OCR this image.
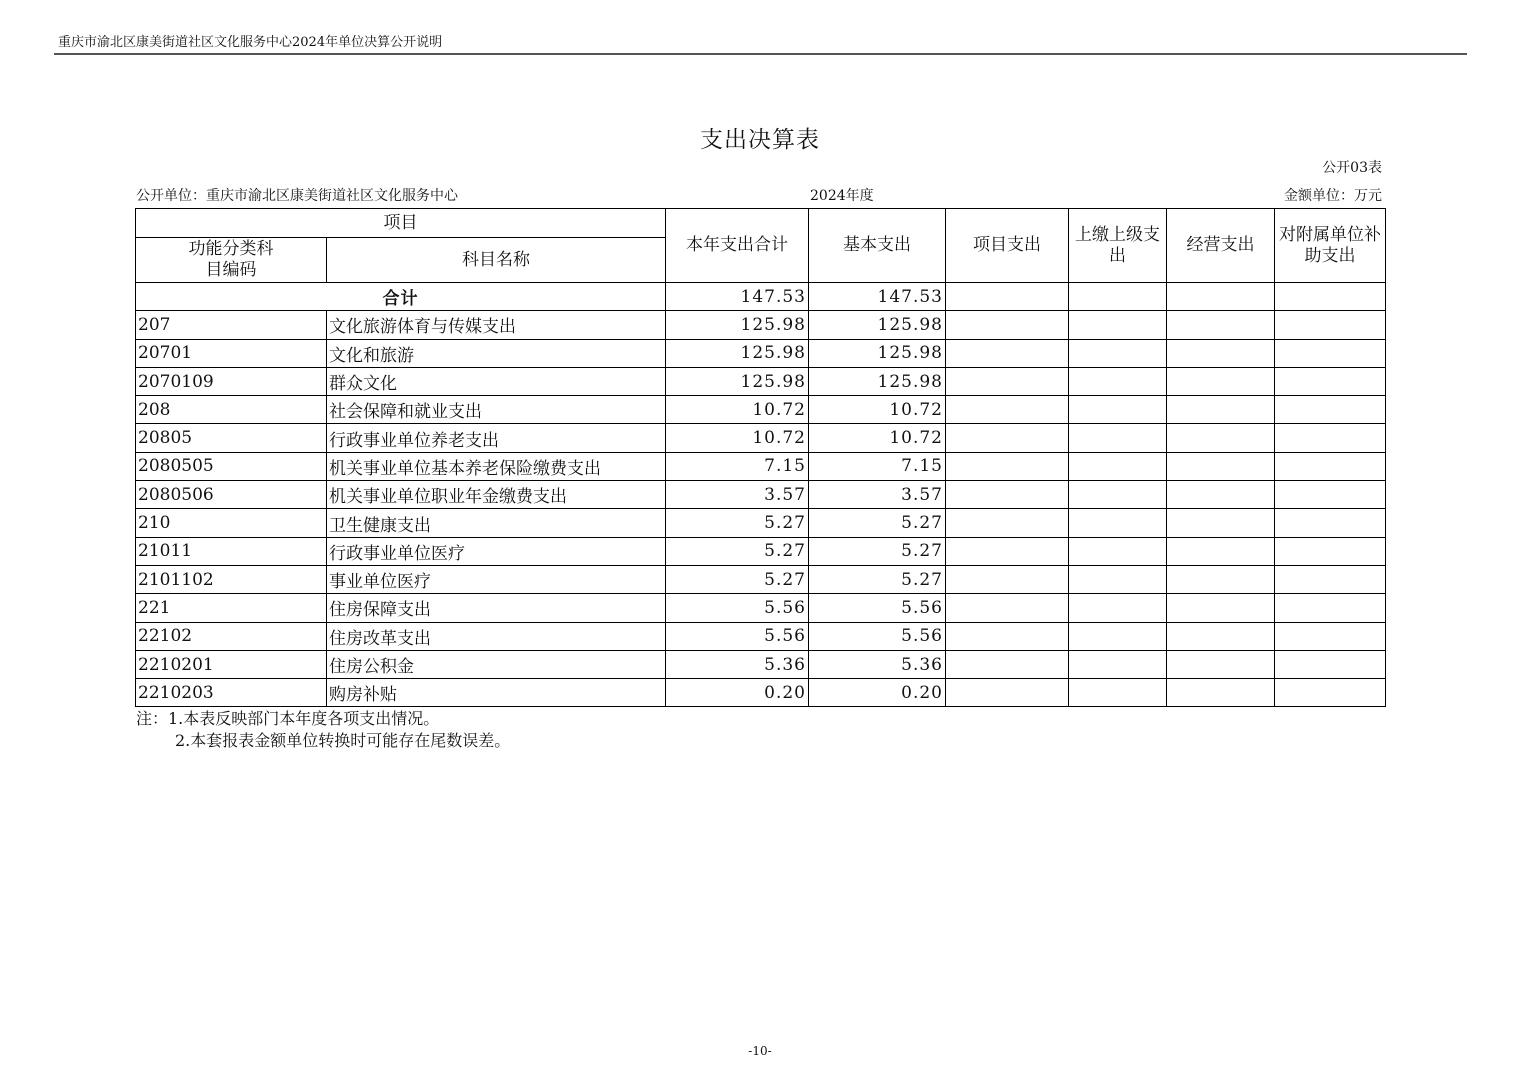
重庆市渝北区康美街道社区文化服务中心2024年单位决算公开说明
支出决算表
公开03表
公开单位：重庆市渝北区康美街道社区文化服务中心	2024年度	金额单位：万元
项目		本年支出合计	基本支出	项目支出	上缴上级支出	经营支出	对附属单位补助支出
功能分类科目编码	科目名称						
合计		147.53	147.53				
207	文化旅游体育与传媒支出	125.98	125.98				
20701	文化和旅游	125.98	125.98				
2070109	群众文化	125.98	125.98				
208	社会保障和就业支出	10.72	10.72				
20805	行政事业单位养老支出	10.72	10.72				
2080505	机关事业单位基本养老保险缴费支出	7.15	7.15				
2080506	机关事业单位职业年金缴费支出	3.57	3.57				
210	卫生健康支出	5.27	5.27				
21011	行政事业单位医疗	5.27	5.27				
2101102	事业单位医疗	5.27	5.27				
221	住房保障支出	5.56	5.56				
22102	住房改革支出	5.56	5.56				
2210201	住房公积金	5.36	5.36				
2210203	购房补贴	0.20	0.20				
注：1.本表反映部门本年度各项支出情况。
2.本套报表金额单位转换时可能存在尾数误差。
-10-
